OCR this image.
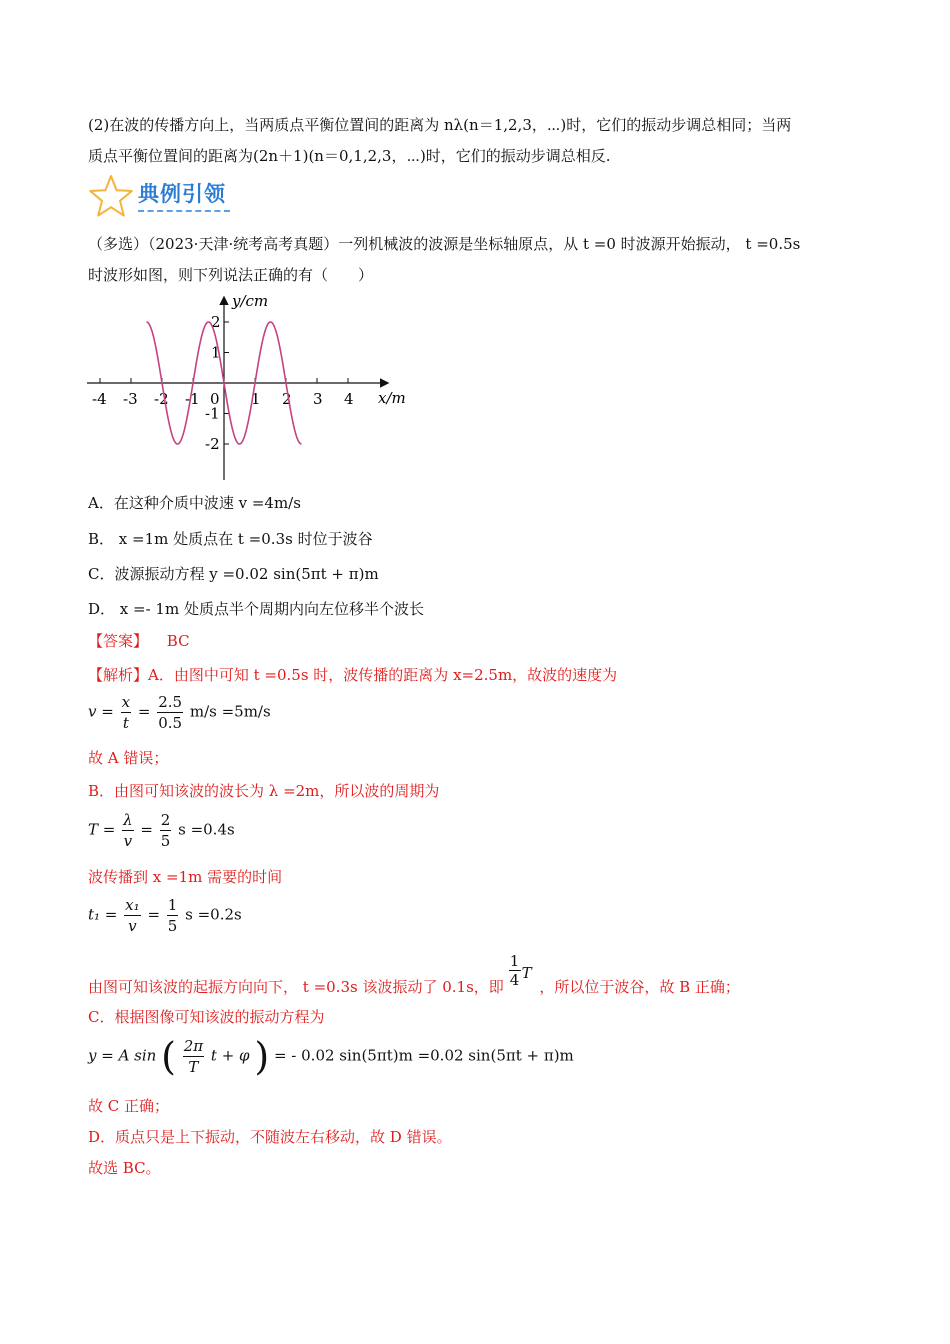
(2)在波的传播方向上，当两质点平衡位置间的距离为 nλ(n＝1,2,3，⋯)时，它们的振动步调总相同；当两
质点平衡位置间的距离为(2n＋1)(n＝0,1,2,3，⋯)时，它们的振动步调总相反.
典例引领
（多选）（2023·天津·统考高考真题）一列机械波的波源是坐标轴原点，从 t =0 时波源开始振动， t =0.5s
时波形如图，则下列说法正确的有（　　）
-4 -3 -2 -1 0 1 2 3 4
2
1
-1
-2
y/cm
x/m
A．在这种介质中波速 v =4m/s
B． x =1m 处质点在 t =0.3s 时位于波谷
C．波源振动方程 y =0.02 sin(5πt + π)m
D． x =- 1m 处质点半个周期内向左位移半个波长
【答案】 BC
【解析】A．由图中可知 t =0.5s 时，波传播的距离为 x=2.5m，故波的速度为
$v = \frac{x}{t} = \frac{2.5}{0.5} m/s =5m/s$
故 A 错误；
B．由图可知该波的波长为 λ =2m，所以波的周期为
$T = \frac{\lambda}{v} = \frac{2}{5}$ s =0.4s
波传播到 x =1m 需要的时间
$t_1 = \frac{\text{x₁}}{v} = \frac{1}{5}$ s =0.2s
由图可知该波的起振方向向下， t =0.3s 该波振动了 0.1s，即 $\frac{1}{4}$ T
，所以位于波谷，故 B 正确；
C．根据图像可知该波的振动方程为
y = A sin ( $\frac{2\pi}{T}$ t + φ ) = - 0.02 sin(5πt)m =0.02 sin(5πt + π)m
故 C 正确；
D．质点只是上下振动，不随波左右移动，故 D 错误。
故选 BC。
